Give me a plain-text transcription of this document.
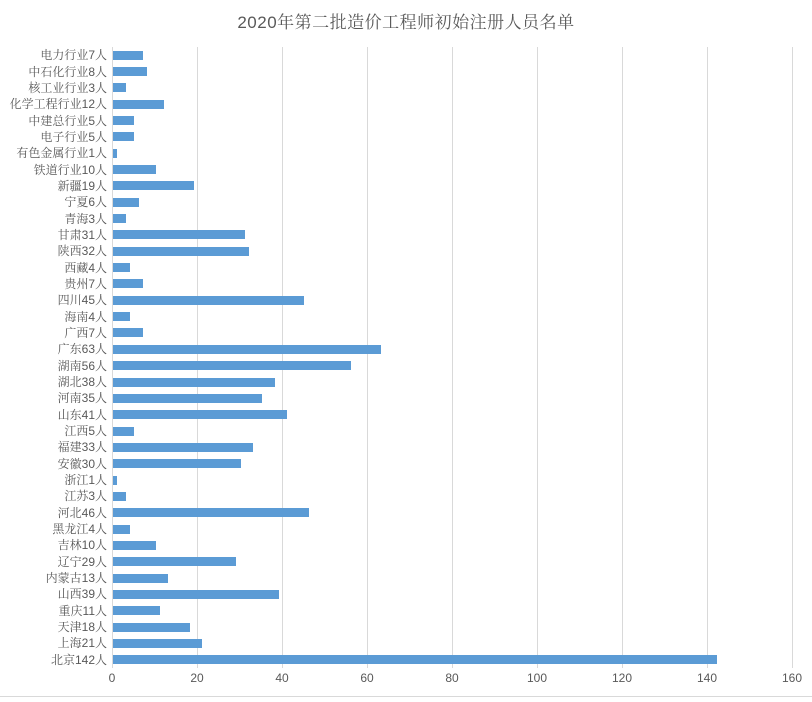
2020年第二批造价工程师初始注册人员名单
电力行业7人
中石化行业8人
核工业行业3人
化学工程行业12人
中建总行业5人
电子行业5人
有色金属行业1人
铁道行业10人
新疆19人
宁夏6人
青海3人
甘肃31人
陕西32人
西藏4人
贵州7人
四川45人
海南4人
广西7人
广东63人
湖南56人
湖北38人
河南35人
山东41人
江西5人
福建33人
安徽30人
浙江1人
江苏3人
河北46人
黑龙江4人
吉林10人
辽宁29人
内蒙古13人
山西39人
重庆11人
天津18人
上海21人
北京142人
0	20	40	60	80	100	120	140	160
